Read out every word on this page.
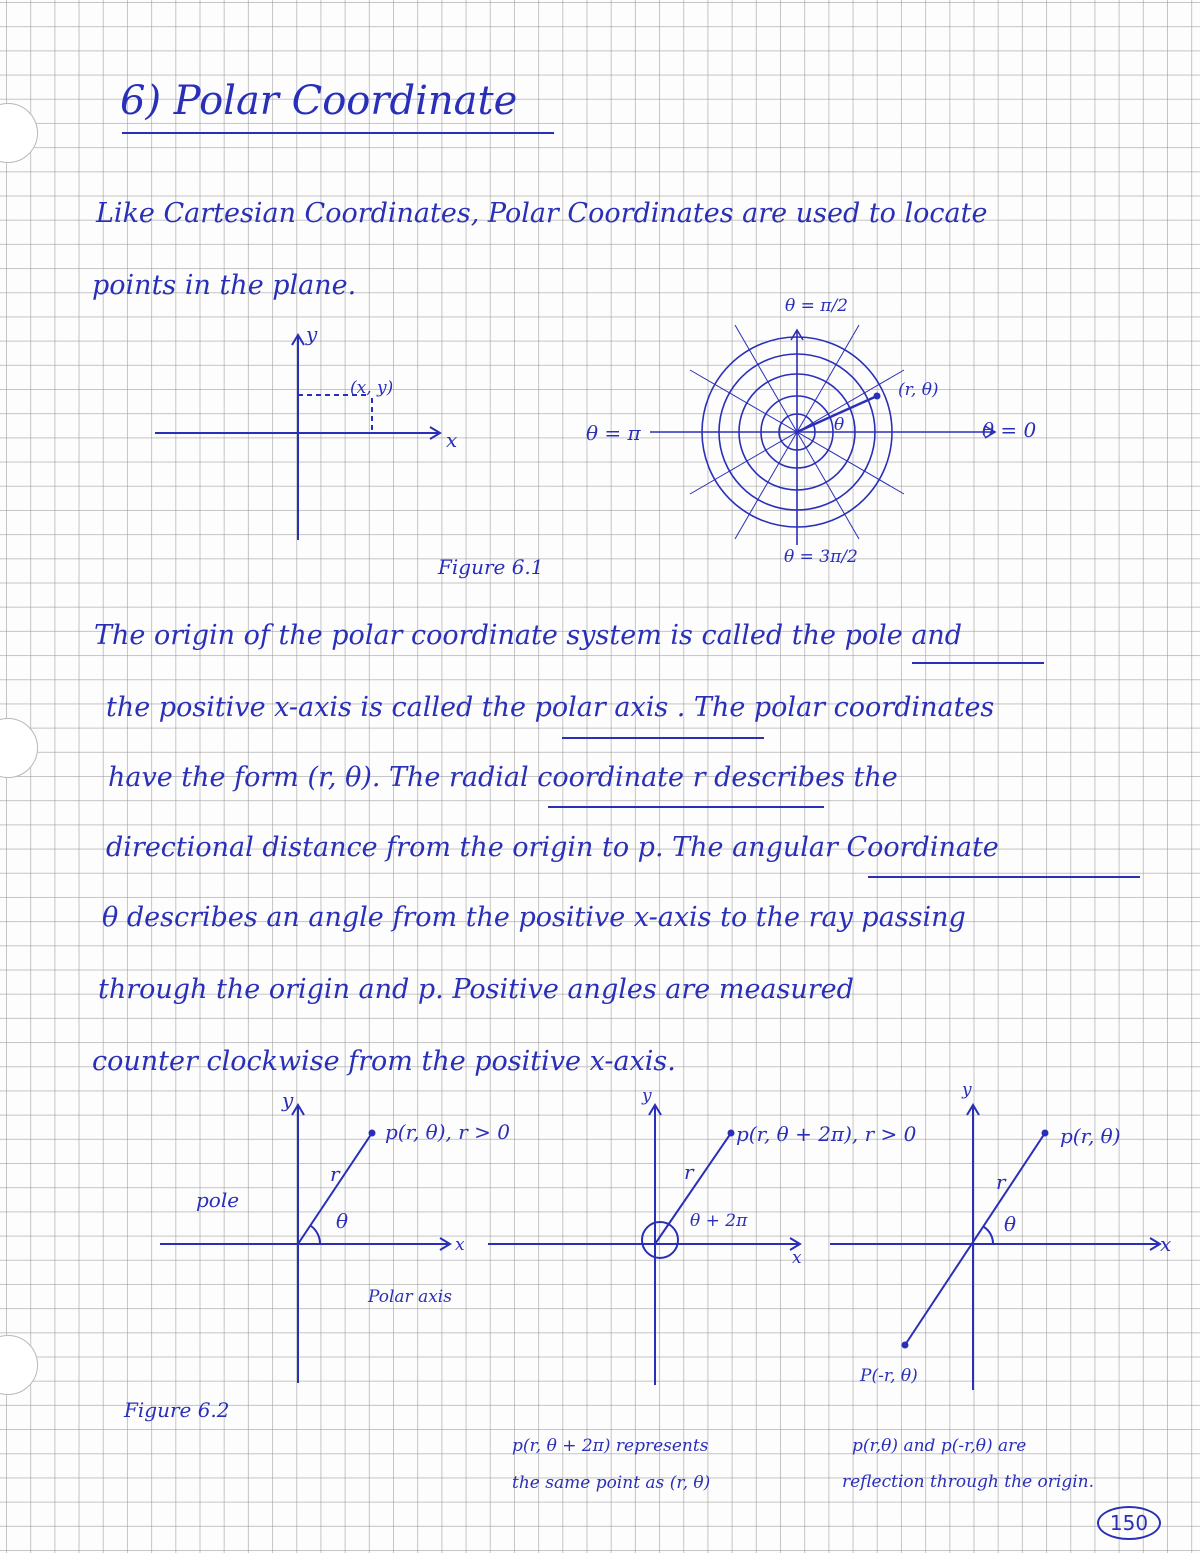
6) Polar Coordinate

Like Cartesian Coordinates, Polar Coordinates are used to locate

points in the plane.

y

x

(x, y)

θ = π/2

θ = π	θ = 0

θ = 3π/2

(r, θ)

θ

Figure 6.1

The origin of the polar coordinate system is called the pole and

the positive x-axis is called the polar axis . The polar coordinates

have the form (r, θ). The radial coordinate r describes the

directional distance from the origin to p. The angular Coordinate

θ describes an angle from the positive x-axis to the ray passing

through the origin and p. Positive angles are measured

counter clockwise from the positive x-axis.

y

x

p(r, θ), r > 0

r

θ

pole

Polar axis

y

x

p(r, θ + 2π), r > 0

r

θ + 2π

p(r, θ + 2π) represents

the same point as (r, θ)

y

x

p(r, θ)

r

θ

P(-r, θ)

p(r,θ) and p(-r,θ) are

reflection through the origin.

Figure 6.2

150
